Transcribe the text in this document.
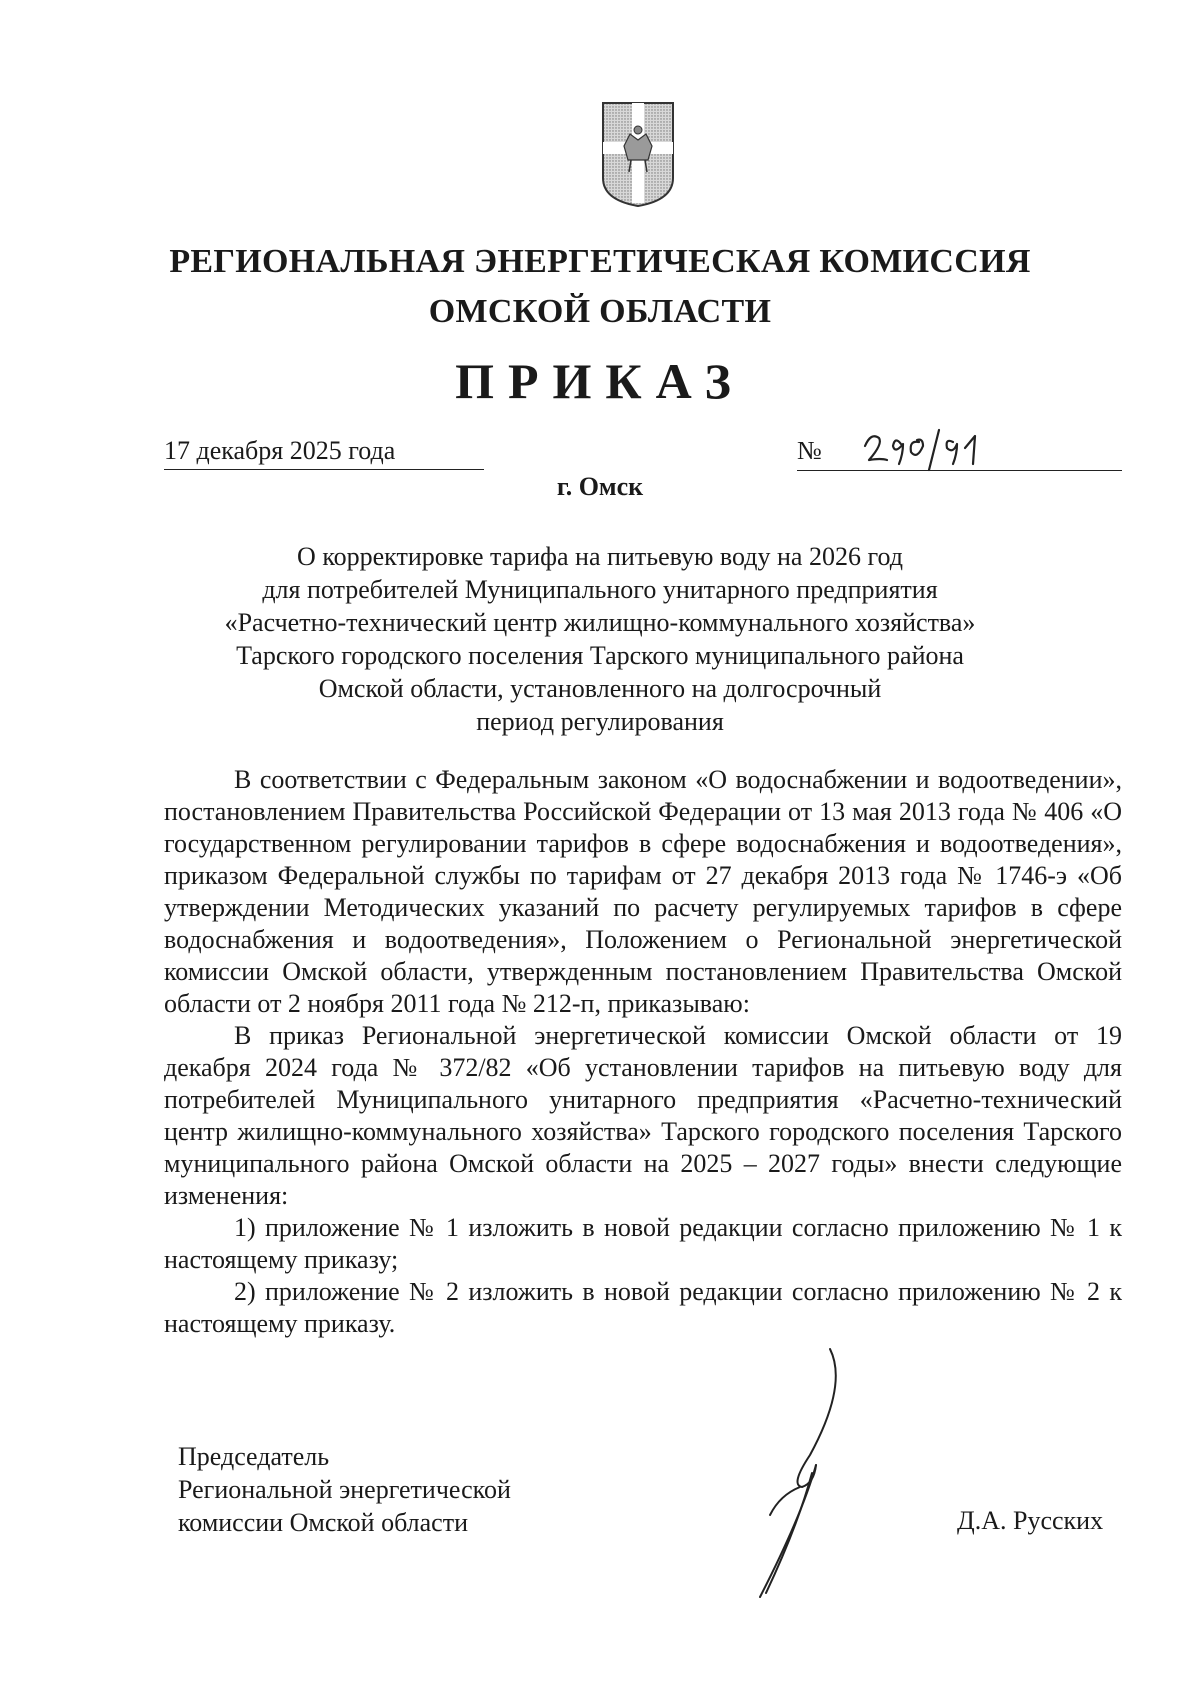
РЕГИОНАЛЬНАЯ ЭНЕРГЕТИЧЕСКАЯ КОМИССИЯ
ОМСКОЙ ОБЛАСТИ
ПРИКАЗ
17 декабря 2025 года	№
г. Омск
О корректировке тарифа на питьевую воду на 2026 год
для потребителей Муниципального унитарного предприятия
«Расчетно-технический центр жилищно-коммунального хозяйства»
Тарского городского поселения Тарского муниципального района
Омской области, установленного на долгосрочный
период регулирования

В соответствии с Федеральным законом «О водоснабжении и водоотведении», постановлением Правительства Российской Федерации от 13 мая 2013 года № 406 «О государственном регулировании тарифов в сфере водоснабжения и водоотведения», приказом Федеральной службы по тарифам от 27 декабря 2013 года № 1746-э «Об утверждении Методических указаний по расчету регулируемых тарифов в сфере водоснабжения и водоотведения», Положением о Региональной энергетической комиссии Омской области, утвержденным постановлением Правительства Омской области от 2 ноября 2011 года № 212-п, приказываю:

В приказ Региональной энергетической комиссии Омской области от 19 декабря 2024 года № 372/82 «Об установлении тарифов на питьевую воду для потребителей Муниципального унитарного предприятия «Расчетно-технический центр жилищно-коммунального хозяйства» Тарского городского поселения Тарского муниципального района Омской области на 2025 – 2027 годы» внести следующие изменения:

1) приложение № 1 изложить в новой редакции согласно приложению № 1 к настоящему приказу;

2) приложение № 2 изложить в новой редакции согласно приложению № 2 к настоящему приказу.

Председатель
Региональной энергетической
комиссии Омской области	Д.А. Русских
